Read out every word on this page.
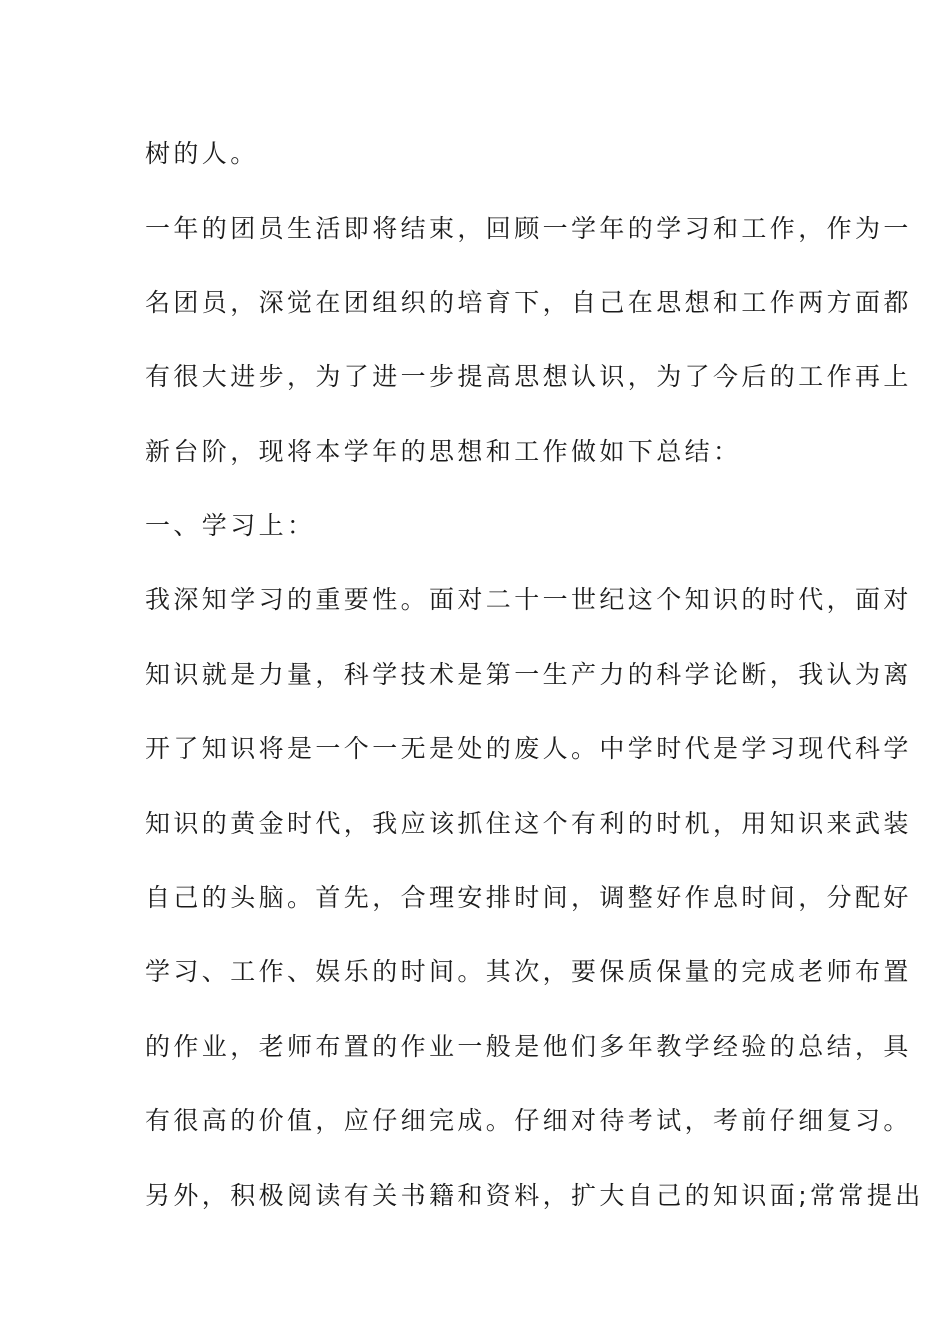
树的人。
一年的团员生活即将结束，回顾一学年的学习和工作，作为一
名团员，深觉在团组织的培育下，自己在思想和工作两方面都
有很大进步，为了进一步提高思想认识，为了今后的工作再上
新台阶，现将本学年的思想和工作做如下总结：
一、学习上：
我深知学习的重要性。面对二十一世纪这个知识的时代，面对
知识就是力量，科学技术是第一生产力的科学论断，我认为离
开了知识将是一个一无是处的废人。中学时代是学习现代科学
知识的黄金时代，我应该抓住这个有利的时机，用知识来武装
自己的头脑。首先，合理安排时间，调整好作息时间，分配好
学习、工作、娱乐的时间。其次，要保质保量的完成老师布置
的作业，老师布置的作业一般是他们多年教学经验的总结，具
有很高的价值，应仔细完成。仔细对待考试，考前仔细复习。
另外，积极阅读有关书籍和资料，扩大自己的知识面;常常提出
